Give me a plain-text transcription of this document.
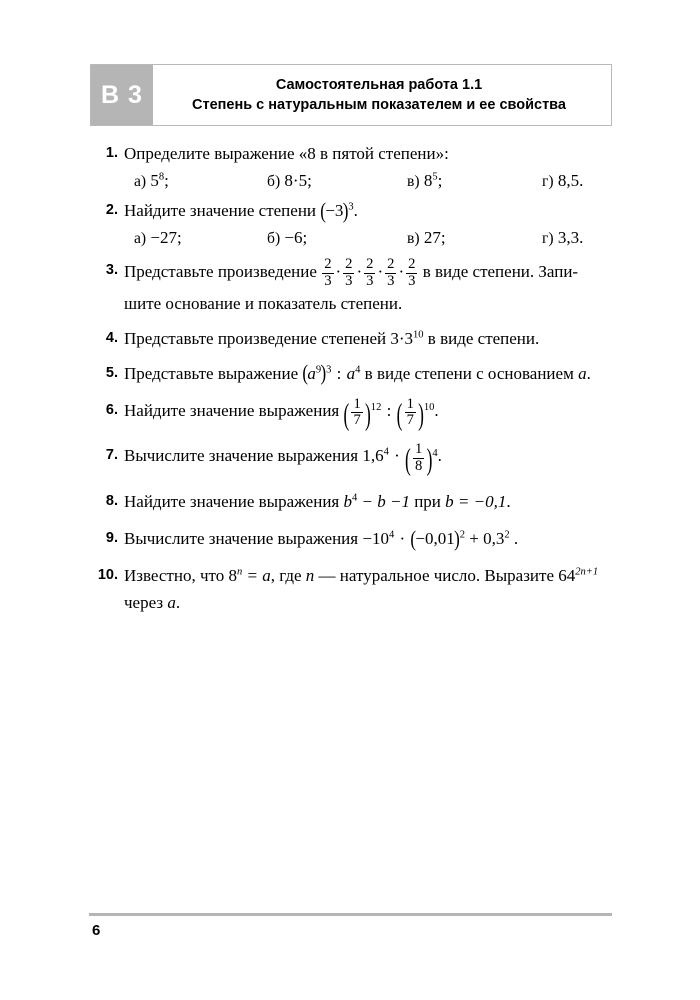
В 3	Самостоятельная работа 1.1
Степень с натуральным показателем и ее свойства
1. Определите выражение «8 в пятой степени»:
а) $5^8$;	б) 8·5;	в) $8^5$;	г) 8,5.
2. Найдите значение степени ( −3 ) $^3$.
а) −27;	б) −6;	в) 27;	г) 3,3.
3. Представьте произведение $\frac{2}{3} \cdot \frac{2}{3} \cdot \frac{2}{3} \cdot \frac{2}{3} \cdot \frac{2}{3}$ в виде степени. Запи-
шите основание и показатель степени.
4. Представьте произведение степеней $3\cdot 3^{10}$ в виде степени.
5. Представьте выражение ( $a^9$ ) $^3$ : $a^4$ в виде степени с основанием a.
6. Найдите значение выражения ( $\frac{1}{7}$
) 12 : ( $\frac{1}{7}$
) 10.
7. Вычислите значение выражения $1,6^4$ · ( $\frac{1}{8}$
) 4.
8. Найдите значение выражения $b^4 - b -1$ при b = −0,1.
9. Вычислите значение выражения $-10^4$ · ( −0,01 ) $^2 + 0,3^2$ .
10. Известно, что $8^n = a$, где n — натуральное число. Выразите $64^{2n+1}$
через a.
6
